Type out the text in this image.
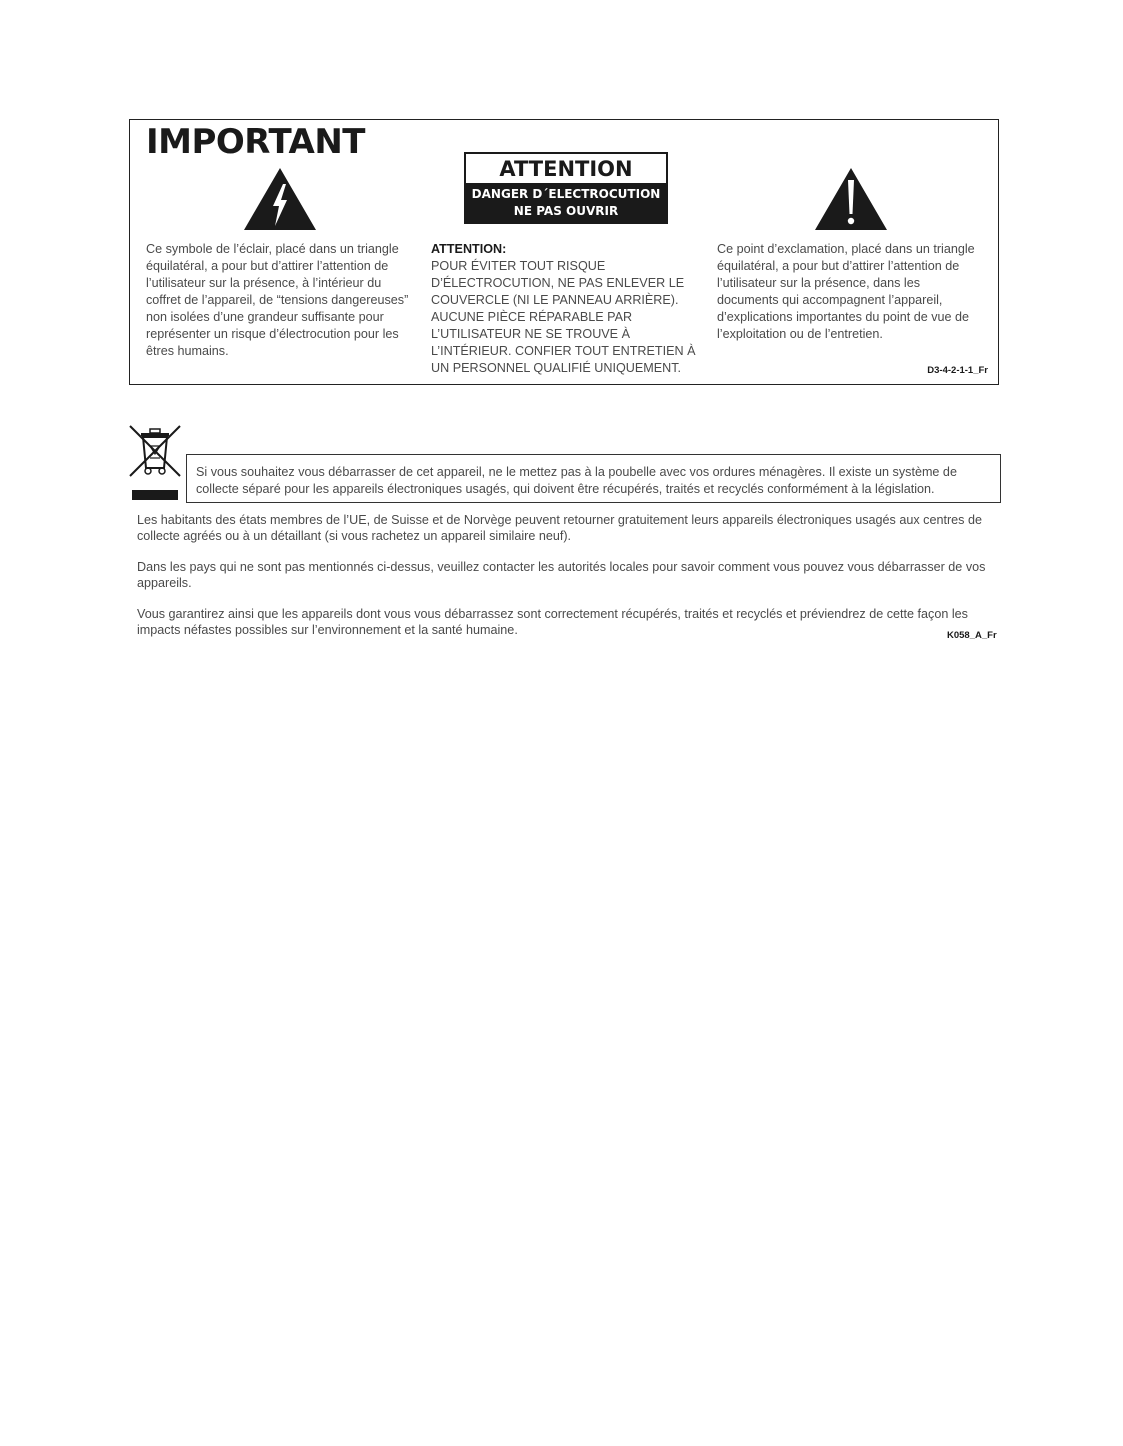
IMPORTANT
ATTENTION
DANGER D´ELECTROCUTION
NE PAS OUVRIR
Ce symbole de l’éclair, placé dans un triangle équilatéral, a pour but d’attirer l’attention de l’utilisateur sur la présence, à l’intérieur du coffret de l’appareil, de “tensions dangereuses” non isolées d’une grandeur suffisante pour représenter un risque d’électrocution pour les êtres humains.
ATTENTION:
POUR ÉVITER TOUT RISQUE D’ÉLECTROCUTION, NE PAS ENLEVER LE COUVERCLE (NI LE PANNEAU ARRIÈRE). AUCUNE PIÈCE RÉPARABLE PAR L’UTILISATEUR NE SE TROUVE À L’INTÉRIEUR. CONFIER TOUT ENTRETIEN À UN PERSONNEL QUALIFIÉ UNIQUEMENT.
Ce point d’exclamation, placé dans un triangle équilatéral, a pour but d’attirer l’attention de l’utilisateur sur la présence, dans les documents qui accompagnent l’appareil, d’explications importantes du point de vue de l’exploitation ou de l’entretien.
D3-4-2-1-1_Fr
Si vous souhaitez vous débarrasser de cet appareil, ne le mettez pas à la poubelle avec vos ordures ménagères. Il existe un système de collecte séparé pour les appareils électroniques usagés, qui doivent être récupérés, traités et recyclés conformément à la législation.

Les habitants des états membres de l’UE, de Suisse et de Norvège peuvent retourner gratuitement leurs appareils électroniques usagés aux centres de collecte agréés ou à un détaillant (si vous rachetez un appareil similaire neuf).

Dans les pays qui ne sont pas mentionnés ci-dessus, veuillez contacter les autorités locales pour savoir comment vous pouvez vous débarrasser de vos appareils.

Vous garantirez ainsi que les appareils dont vous vous débarrassez sont correctement récupérés, traités et recyclés et préviendrez de cette façon les impacts néfastes possibles sur l’environnement et la santé humaine.	K058_A_Fr
